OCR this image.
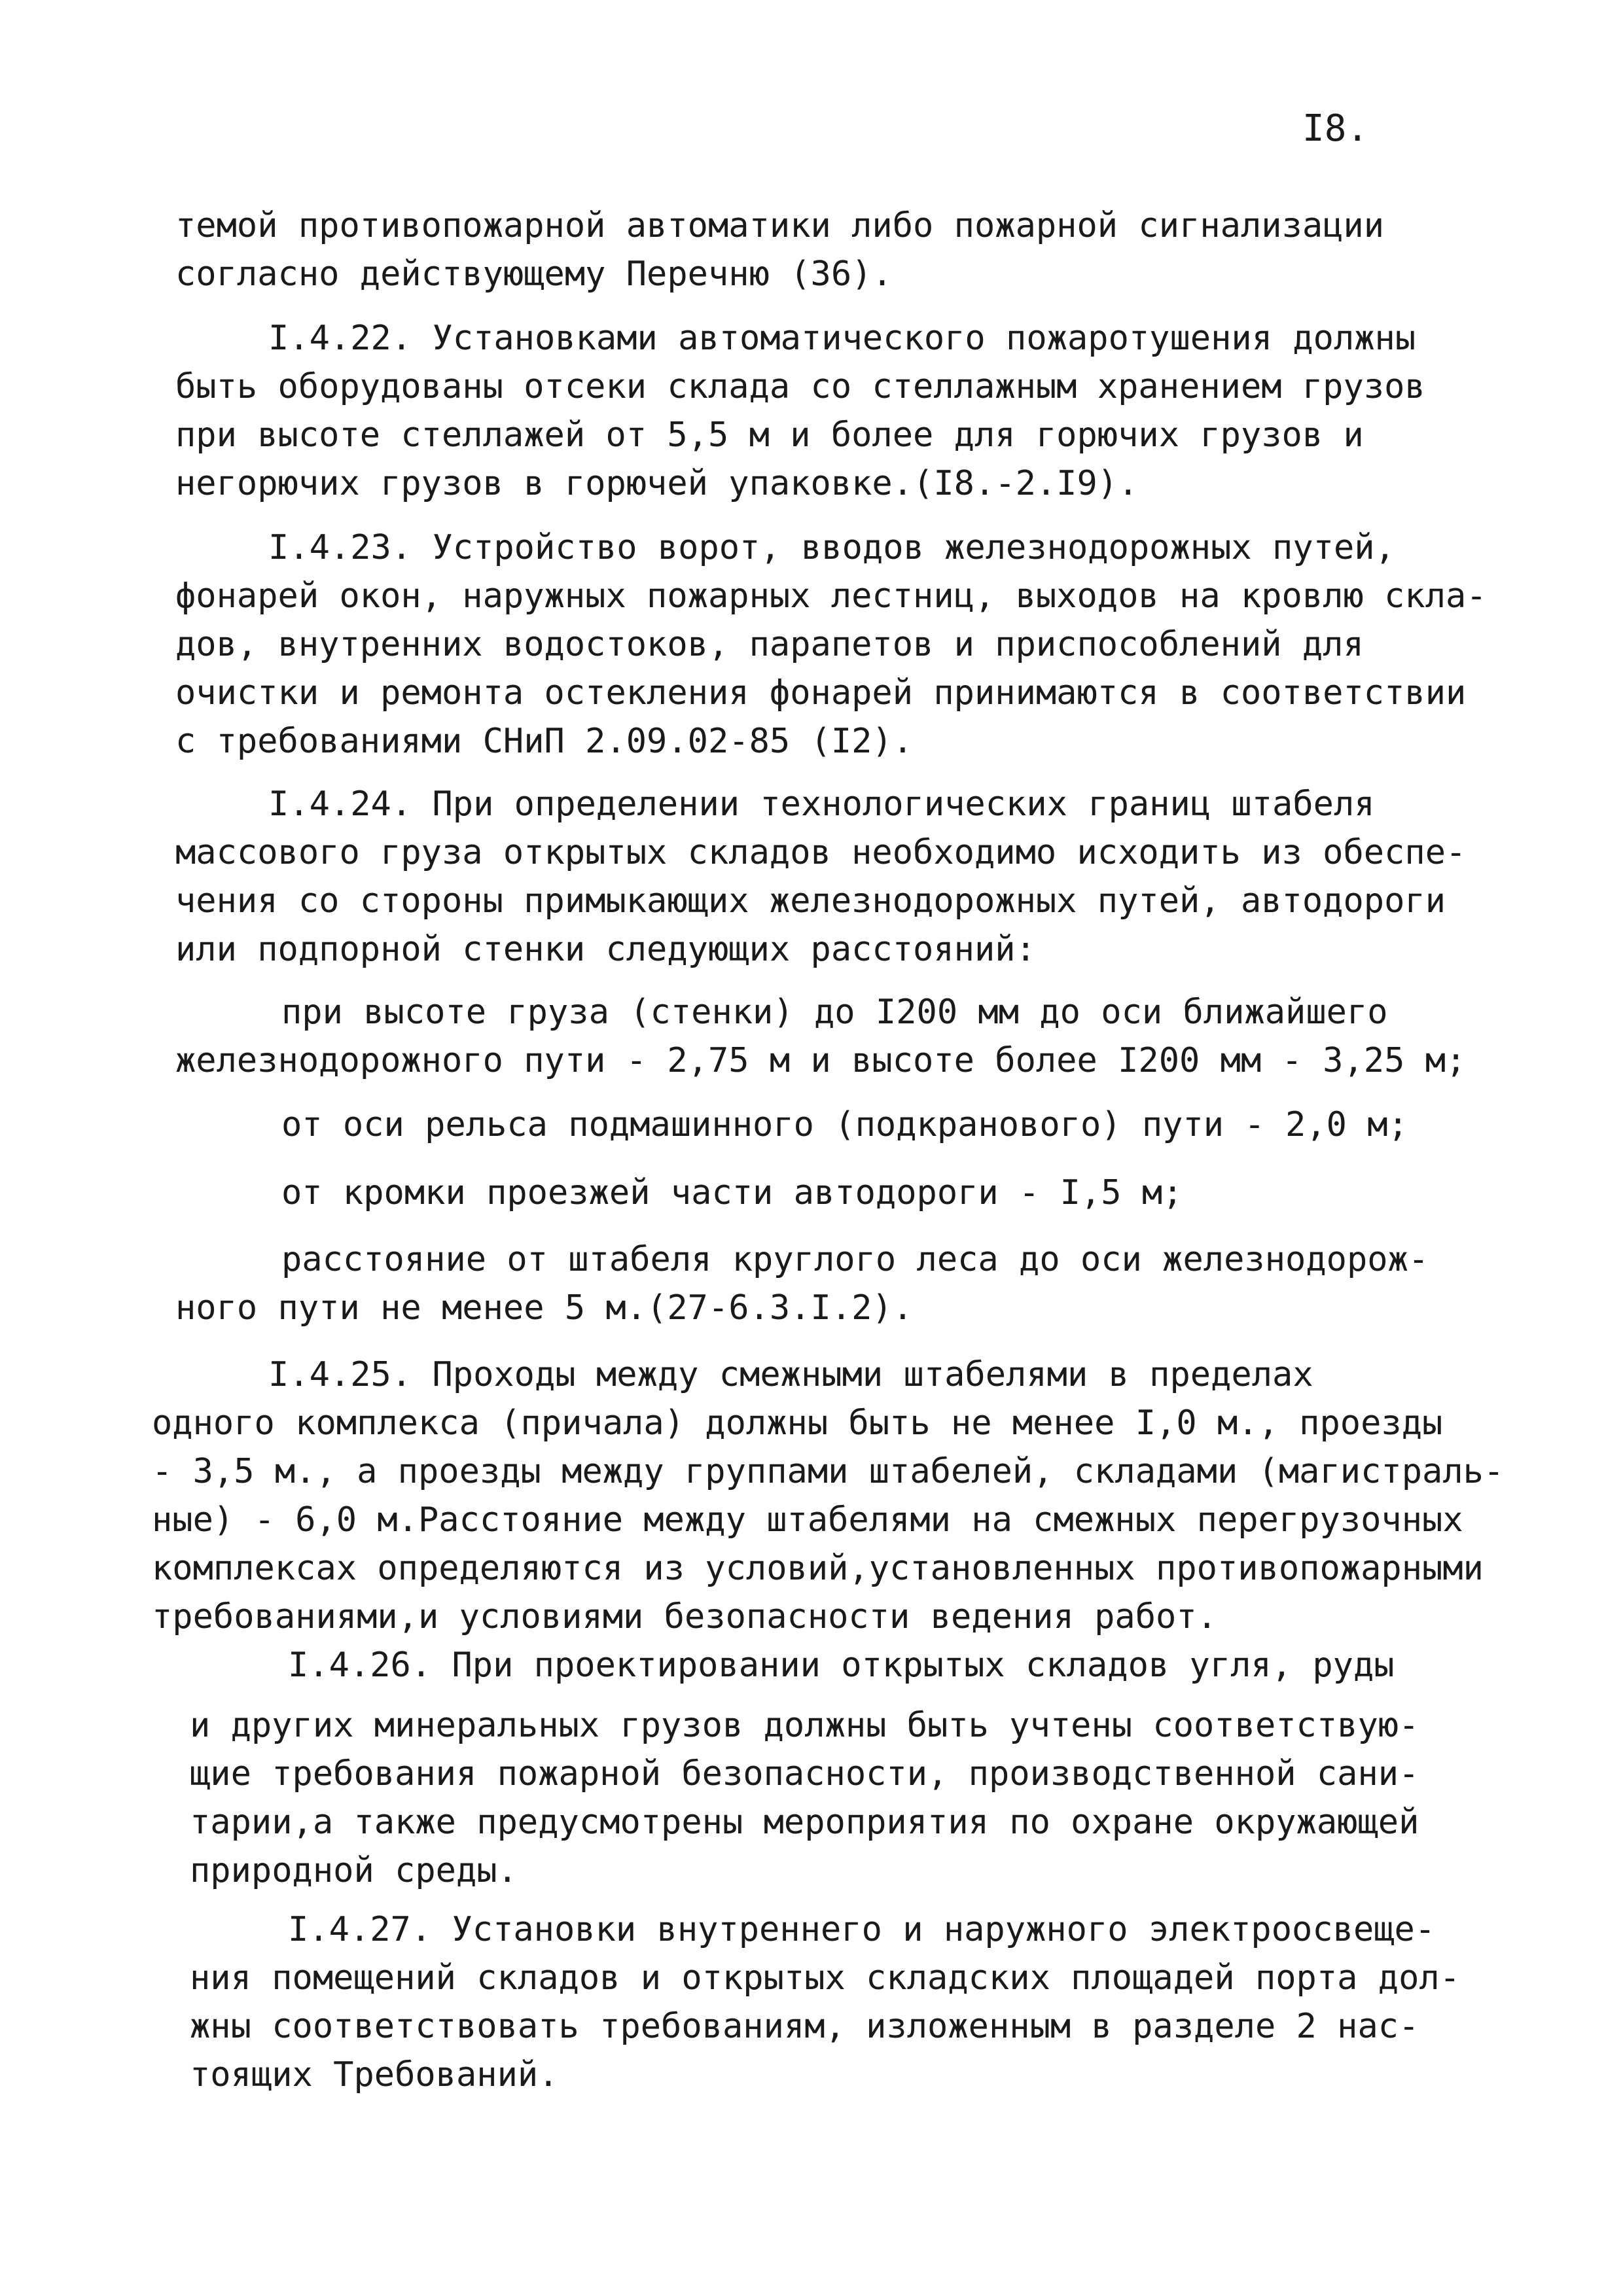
I8.
темой противопожарной автоматики либо пожарной сигнализации
согласно действующему Перечню (36).
I.4.22. Установками автоматического пожаротушения должны
быть оборудованы отсеки склада со стеллажным хранением грузов
при высоте стеллажей от 5,5 м и более для горючих грузов и
негорючих грузов в горючей упаковке.(I8.-2.I9).
I.4.23. Устройство ворот, вводов железнодорожных путей,
фонарей окон, наружных пожарных лестниц, выходов на кровлю скла-
дов, внутренних водостоков, парапетов и приспособлений для
очистки и ремонта остекления фонарей принимаются в соответствии
с требованиями СНиП 2.09.02-85 (I2).
I.4.24. При определении технологических границ штабеля
массового груза открытых складов необходимо исходить из обеспе-
чения со стороны примыкающих железнодорожных путей, автодороги
или подпорной стенки следующих расстояний:
при высоте груза (стенки) до I200 мм до оси ближайшего
железнодорожного пути - 2,75 м и высоте более I200 мм - 3,25 м;
от оси рельса подмашинного (подкранового) пути - 2,0 м;
от кромки проезжей части автодороги - I,5 м;
расстояние от штабеля круглого леса до оси железнодорож-
ного пути не менее 5 м.(27-6.3.I.2).
I.4.25. Проходы между смежными штабелями в пределах
одного комплекса (причала) должны быть не менее I,0 м., проезды
- 3,5 м., а проезды между группами штабелей, складами (магистраль-
ные) - 6,0 м.Расстояние между штабелями на смежных перегрузочных
комплексах определяются из условий,установленных противопожарными
требованиями,и условиями безопасности ведения работ.
I.4.26. При проектировании открытых складов угля, руды
и других минеральных грузов должны быть учтены соответствую-
щие требования пожарной безопасности, производственной сани-
тарии,а также предусмотрены мероприятия по охране окружающей
природной среды.
I.4.27. Установки внутреннего и наружного электроосвеще-
ния помещений складов и открытых складских площадей порта дол-
жны соответствовать требованиям, изложенным в разделе 2 нас-
тоящих Требований.
